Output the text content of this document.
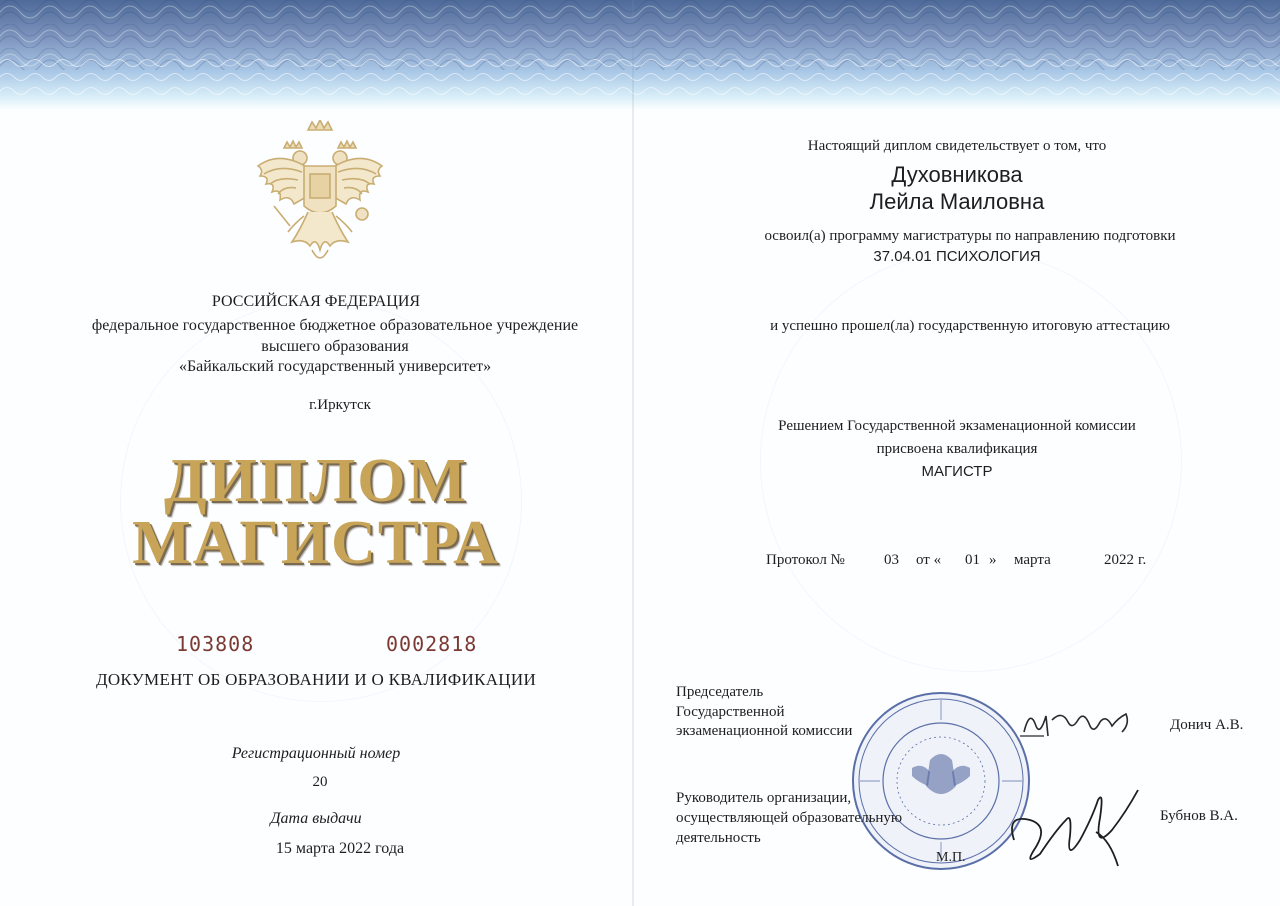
РОССИЙСКАЯ ФЕДЕРАЦИЯ
федеральное государственное бюджетное образовательное учреждение
высшего образования
«Байкальский государственный университет»
г.Иркутск
ДИПЛОМ
МАГИСТРА
103808	0002818
ДОКУМЕНТ ОБ ОБРАЗОВАНИИ И О КВАЛИФИКАЦИИ
Регистрационный номер
20
Дата выдачи
15 марта 2022 года
Настоящий диплом свидетельствует о том, что
Духовникова
Лейла Маиловна
освоил(а) программу магистратуры по направлению подготовки
37.04.01 ПСИХОЛОГИЯ
и успешно прошел(ла) государственную итоговую аттестацию
Решением Государственной экзаменационной комиссии
присвоена квалификация
МАГИСТР
Протокол №	03 от « 01 » марта	2022 г.
Председатель
Государственной
экзаменационной комиссии	Донич А.В.
Руководитель организации,
осуществляющей образовательную
деятельность
Бубнов В.А.
М.П.
